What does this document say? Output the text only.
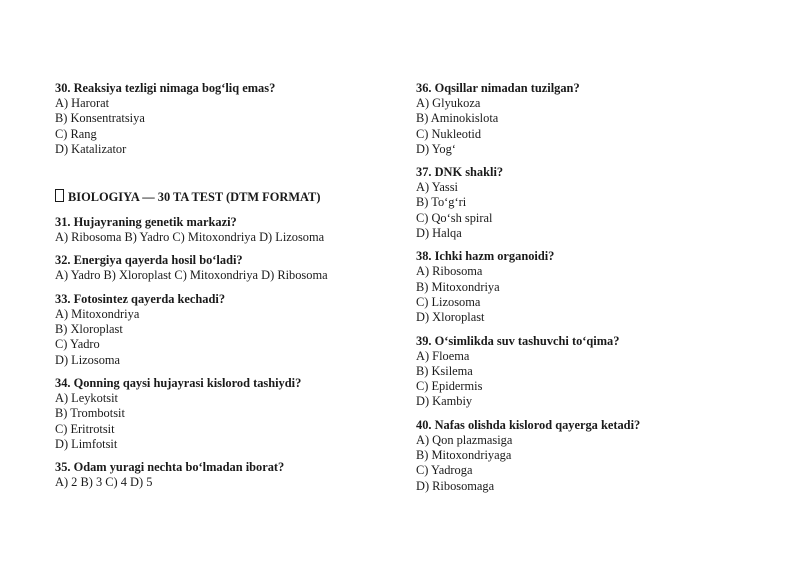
30. Reaksiya tezligi nimaga bog‘liq emas?
A) Harorat
B) Konsentratsiya
C) Rang
D) Katalizator
BIOLOGIYA — 30 TA TEST (DTM FORMAT)
31. Hujayraning genetik markazi?
A) Ribosoma B) Yadro C) Mitoxondriya D) Lizosoma
32. Energiya qayerda hosil bo‘ladi?
A) Yadro B) Xloroplast C) Mitoxondriya D) Ribosoma
33. Fotosintez qayerda kechadi?
A) Mitoxondriya
B) Xloroplast
C) Yadro
D) Lizosoma
34. Qonning qaysi hujayrasi kislorod tashiydi?
A) Leykotsit
B) Trombotsit
C) Eritrotsit
D) Limfotsit
35. Odam yuragi nechta bo‘lmadan iborat?
A) 2 B) 3 C) 4 D) 5
36. Oqsillar nimadan tuzilgan?
A) Glyukoza
B) Aminokislota
C) Nukleotid
D) Yog‘
37. DNK shakli?
A) Yassi
B) To‘g‘ri
C) Qo‘sh spiral
D) Halqa
38. Ichki hazm organoidi?
A) Ribosoma
B) Mitoxondriya
C) Lizosoma
D) Xloroplast
39. O‘simlikda suv tashuvchi to‘qima?
A) Floema
B) Ksilema
C) Epidermis
D) Kambiy
40. Nafas olishda kislorod qayerga ketadi?
A) Qon plazmasiga
B) Mitoxondriyaga
C) Yadroga
D) Ribosomaga
